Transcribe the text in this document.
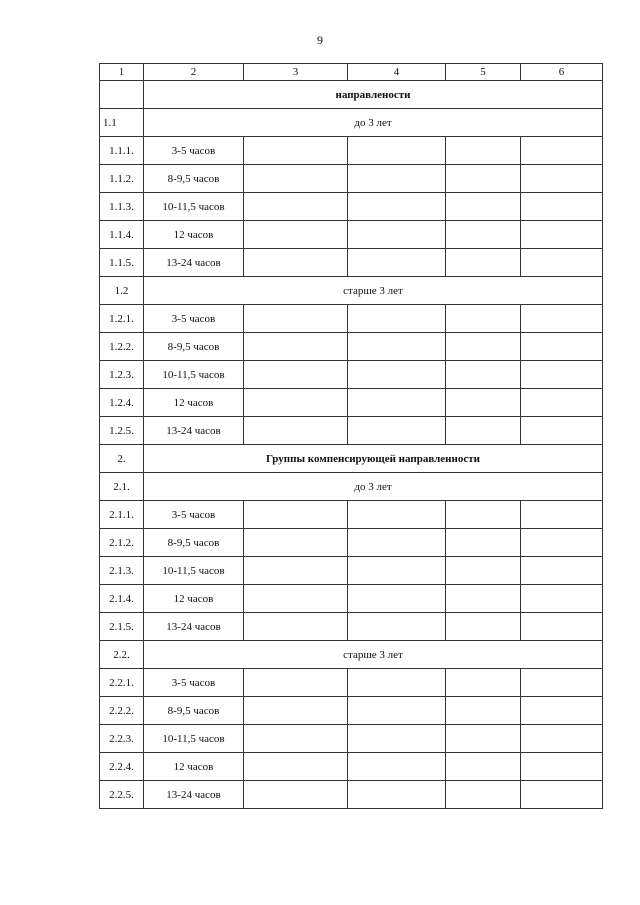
9
1	2	3	4	5	6
	направлености				
1.1	до 3 лет				
1.1.1.	3-5 часов				
1.1.2.	8-9,5 часов				
1.1.3.	10-11,5 часов				
1.1.4.	12 часов				
1.1.5.	13-24 часов				
1.2	старше 3 лет				
1.2.1.	3-5 часов				
1.2.2.	8-9,5 часов				
1.2.3.	10-11,5 часов				
1.2.4.	12 часов				
1.2.5.	13-24 часов				
2.	Группы компенсирующей направленности				
2.1.	до 3 лет				
2.1.1.	3-5 часов				
2.1.2.	8-9,5 часов				
2.1.3.	10-11,5 часов				
2.1.4.	12 часов				
2.1.5.	13-24 часов				
2.2.	старше 3 лет				
2.2.1.	3-5 часов				
2.2.2.	8-9,5 часов				
2.2.3.	10-11,5 часов				
2.2.4.	12 часов				
2.2.5.	13-24 часов				
